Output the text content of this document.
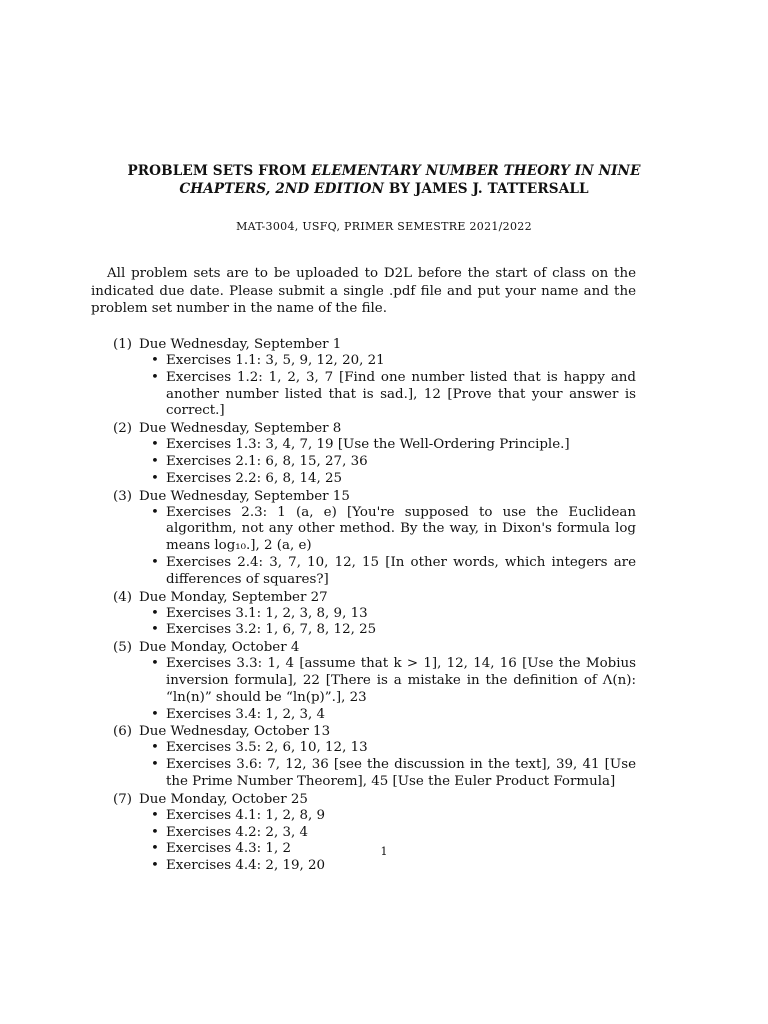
PROBLEM SETS FROM ELEMENTARY NUMBER THEORY IN NINE CHAPTERS, 2ND EDITION BY JAMES J. TATTERSALL
MAT-3004, USFQ, PRIMER SEMESTRE 2021/2022
All problem sets are to be uploaded to D2L before the start of class on the indicated due date. Please submit a single .pdf file and put your name and the problem set number in the name of the file.
(1) Due Wednesday, September 1
• Exercises 1.1: 3, 5, 9, 12, 20, 21
• Exercises 1.2: 1, 2, 3, 7 [Find one number listed that is happy and another number listed that is sad.], 12 [Prove that your answer is correct.]
(2) Due Wednesday, September 8
• Exercises 1.3: 3, 4, 7, 19 [Use the Well-Ordering Principle.]
• Exercises 2.1: 6, 8, 15, 27, 36
• Exercises 2.2: 6, 8, 14, 25
(3) Due Wednesday, September 15
• Exercises 2.3: 1 (a, e) [You're supposed to use the Euclidean algorithm, not any other method. By the way, in Dixon's formula log means log₁₀.], 2 (a, e)
• Exercises 2.4: 3, 7, 10, 12, 15 [In other words, which integers are differences of squares?]
(4) Due Monday, September 27
• Exercises 3.1: 1, 2, 3, 8, 9, 13
• Exercises 3.2: 1, 6, 7, 8, 12, 25
(5) Due Monday, October 4
• Exercises 3.3: 1, 4 [assume that k > 1], 12, 14, 16 [Use the Mobius inversion formula], 22 [There is a mistake in the definition of Λ(n): “ln(n)” should be “ln(p)”.], 23
• Exercises 3.4: 1, 2, 3, 4
(6) Due Wednesday, October 13
• Exercises 3.5: 2, 6, 10, 12, 13
• Exercises 3.6: 7, 12, 36 [see the discussion in the text], 39, 41 [Use the Prime Number Theorem], 45 [Use the Euler Product Formula]
(7) Due Monday, October 25
• Exercises 4.1: 1, 2, 8, 9
• Exercises 4.2: 2, 3, 4
• Exercises 4.3: 1, 2
• Exercises 4.4: 2, 19, 20
1
